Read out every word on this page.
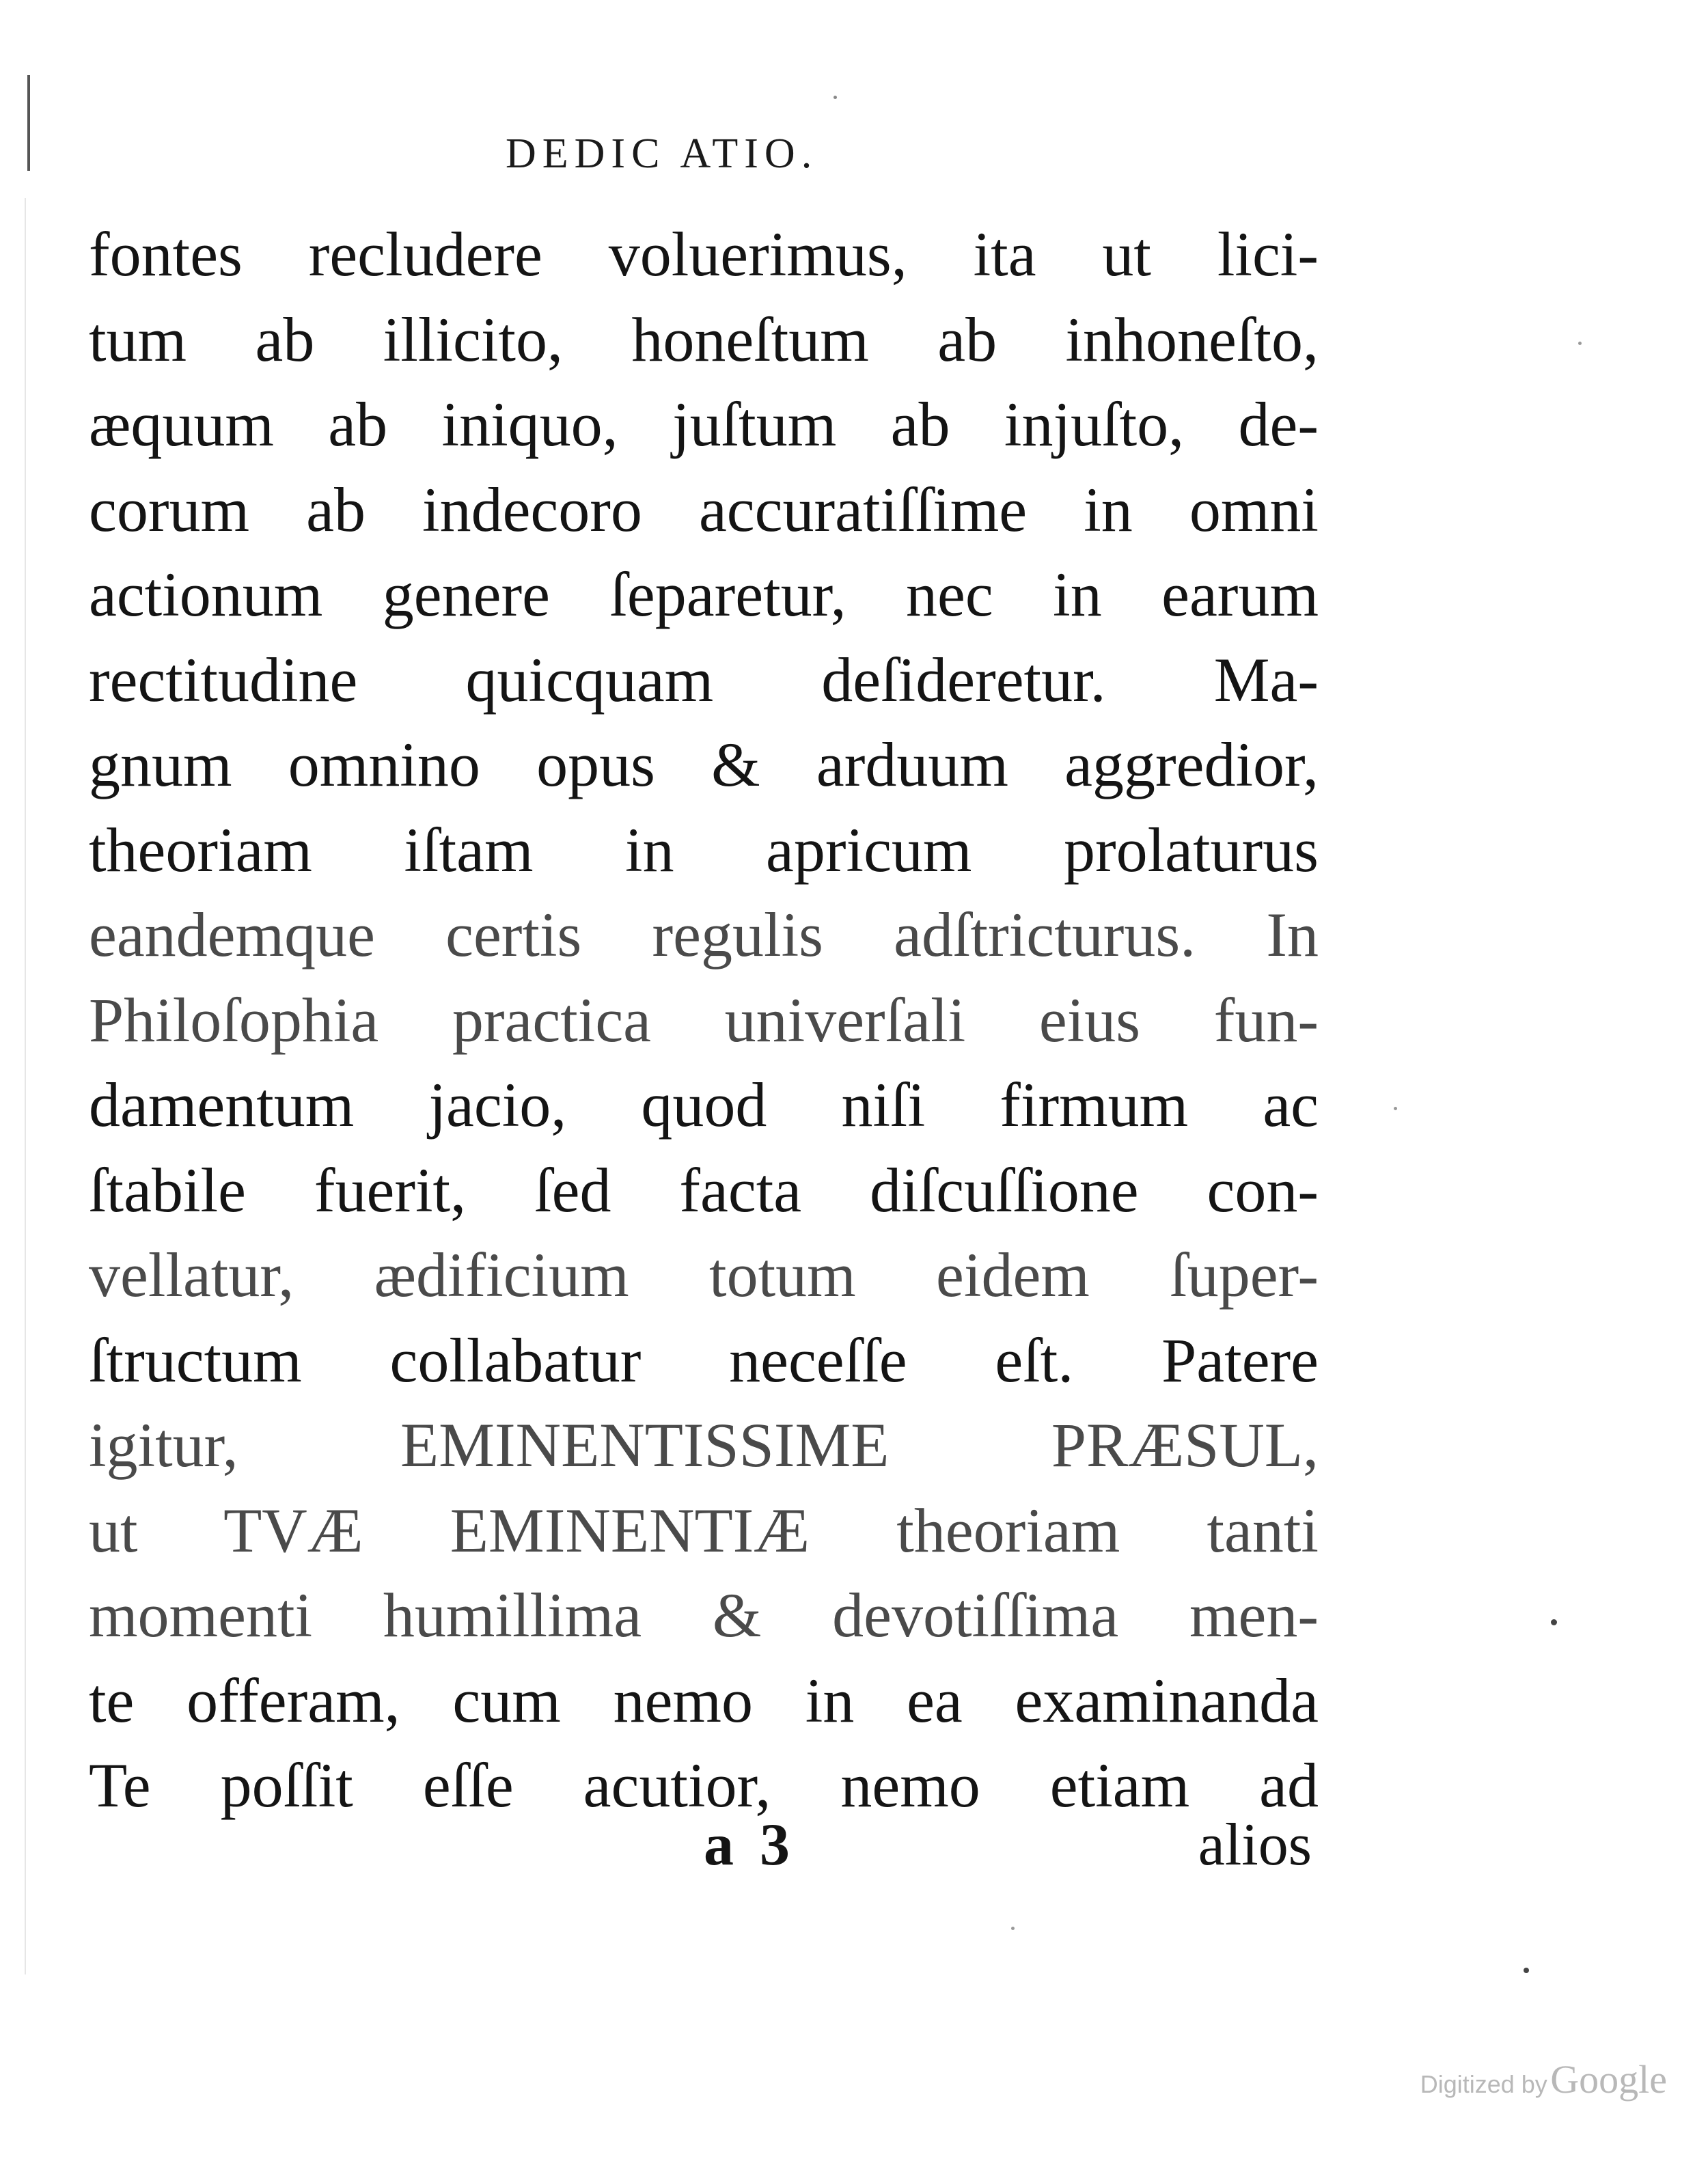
DEDIC ATIO.
fontes recludere voluerimus, ita ut lici-
tum ab illicito, honeſtum ab inhoneſto,
æquum ab iniquo, juſtum ab injuſto, de-
corum ab indecoro accuratiſſime in omni
actionum genere ſeparetur, nec in earum
rectitudine quicquam deſideretur. Ma-
gnum omnino opus & arduum aggredior,
theoriam iſtam in apricum prolaturus
eandemque certis regulis adſtricturus. In
Philoſophia practica univerſali eius fun-
damentum jacio, quod niſi firmum ac
ſtabile fuerit, ſed facta diſcuſſione con-
vellatur, ædificium totum eidem ſuper-
ſtructum collabatur neceſſe eſt. Patere
igitur, EMINENTISSIME PRÆSUL,
ut TVÆ EMINENTIÆ theoriam tanti
momenti humillima & devotiſſima men-
te offeram, cum nemo in ea examinanda
Te poſſit eſſe acutior, nemo etiam ad
a 3	alios
Digitized by Google
